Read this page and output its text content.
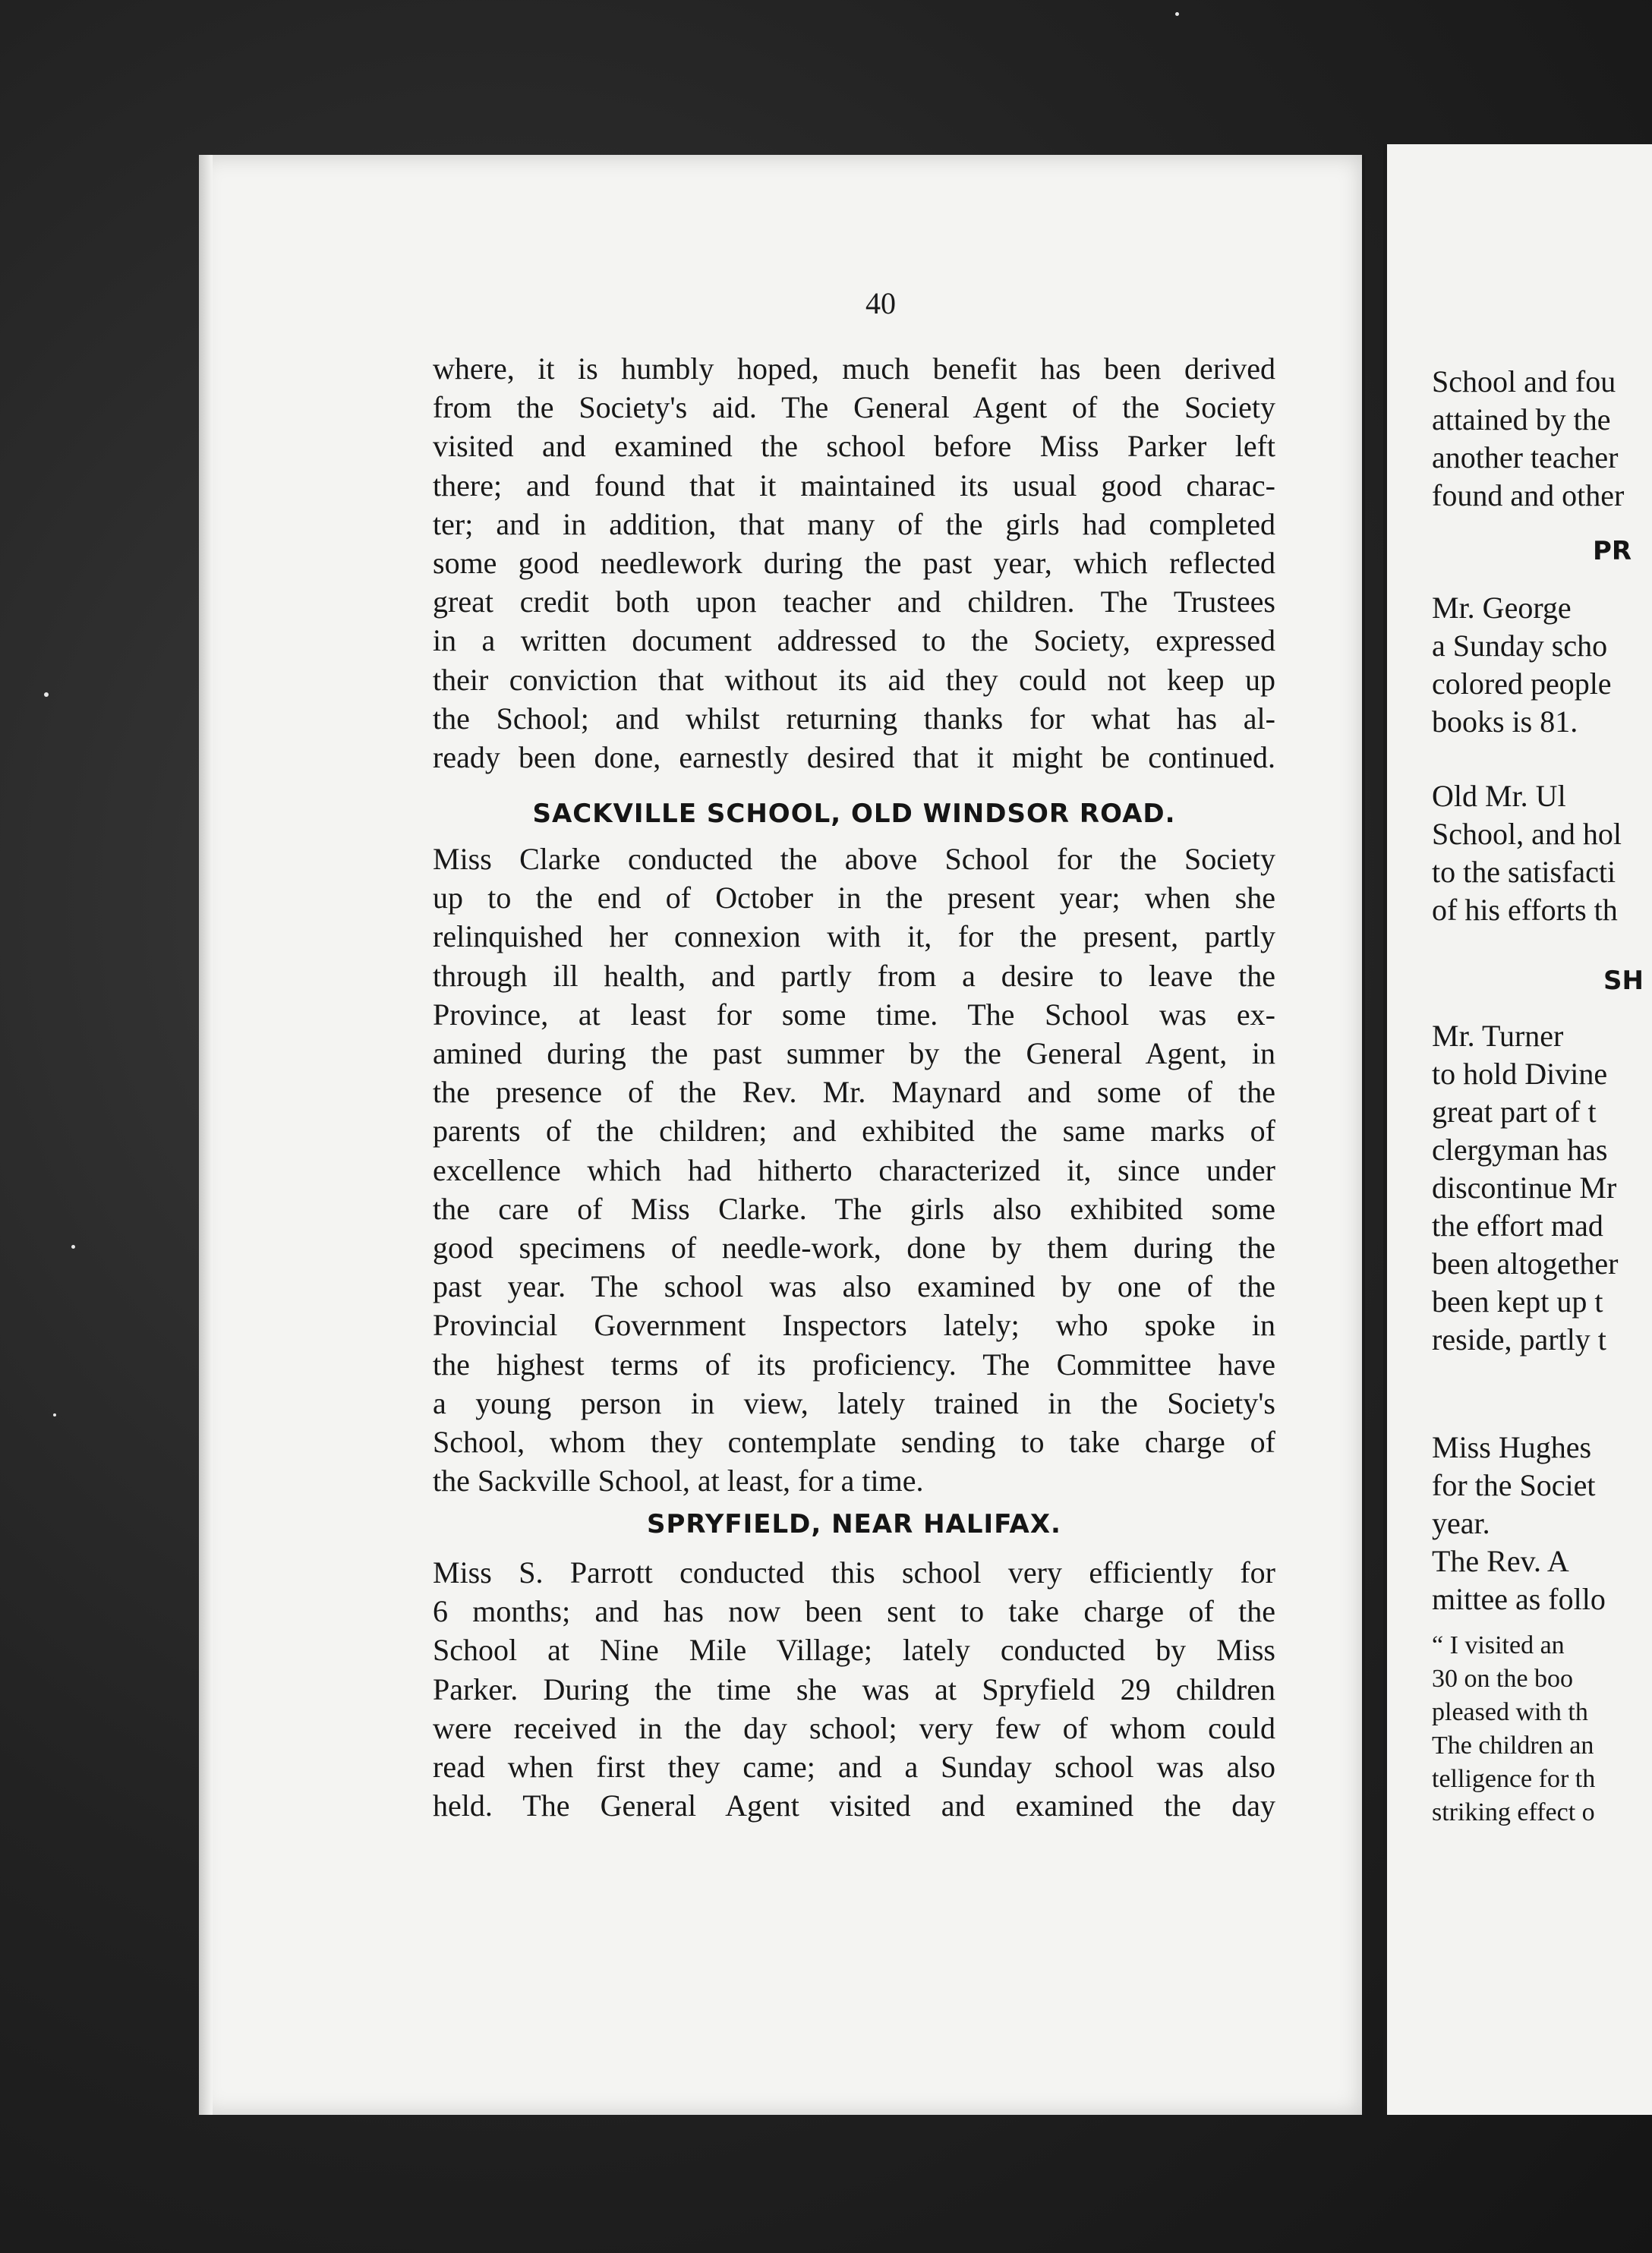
40

where, it is humbly hoped, much benefit has been derived

from the Society's aid. The General Agent of the Society

visited and examined the school before Miss Parker left

there; and found that it maintained its usual good charac-

ter; and in addition, that many of the girls had completed

some good needlework during the past year, which reflected

great credit both upon teacher and children. The Trustees

in a written document addressed to the Society, expressed

their conviction that without its aid they could not keep up

the School; and whilst returning thanks for what has al-

ready been done, earnestly desired that it might be continued.

SACKVILLE SCHOOL, OLD WINDSOR ROAD.

Miss Clarke conducted the above School for the Society

up to the end of October in the present year; when she

relinquished her connexion with it, for the present, partly

through ill health, and partly from a desire to leave the

Province, at least for some time. The School was ex-

amined during the past summer by the General Agent, in

the presence of the Rev. Mr. Maynard and some of the

parents of the children; and exhibited the same marks of

excellence which had hitherto characterized it, since under

the care of Miss Clarke. The girls also exhibited some

good specimens of needle-work, done by them during the

past year. The school was also examined by one of the

Provincial Government Inspectors lately; who spoke in

the highest terms of its proficiency. The Committee have

a young person in view, lately trained in the Society's

School, whom they contemplate sending to take charge of

the Sackville School, at least, for a time.

SPRYFIELD, NEAR HALIFAX.

Miss S. Parrott conducted this school very efficiently for

6 months; and has now been sent to take charge of the

School at Nine Mile Village; lately conducted by Miss

Parker. During the time she was at Spryfield 29 children

were received in the day school; very few of whom could

read when first they came; and a Sunday school was also

held. The General Agent visited and examined the day

School and fou
attained by the
another teacher
found and other
PR
Mr. George
a Sunday scho
colored people
books is 81.
Old Mr. Ul
School, and hol
to the satisfacti
of his efforts th
SH
Mr. Turner
to hold Divine
great part of t
clergyman has
discontinue Mr
the effort mad
been altogether
been kept up t
reside, partly t
Miss Hughes
for the Societ
year.
The Rev. A
mittee as follo
“ I visited an
30 on the boo
pleased with th
The children an
telligence for th
striking effect o
